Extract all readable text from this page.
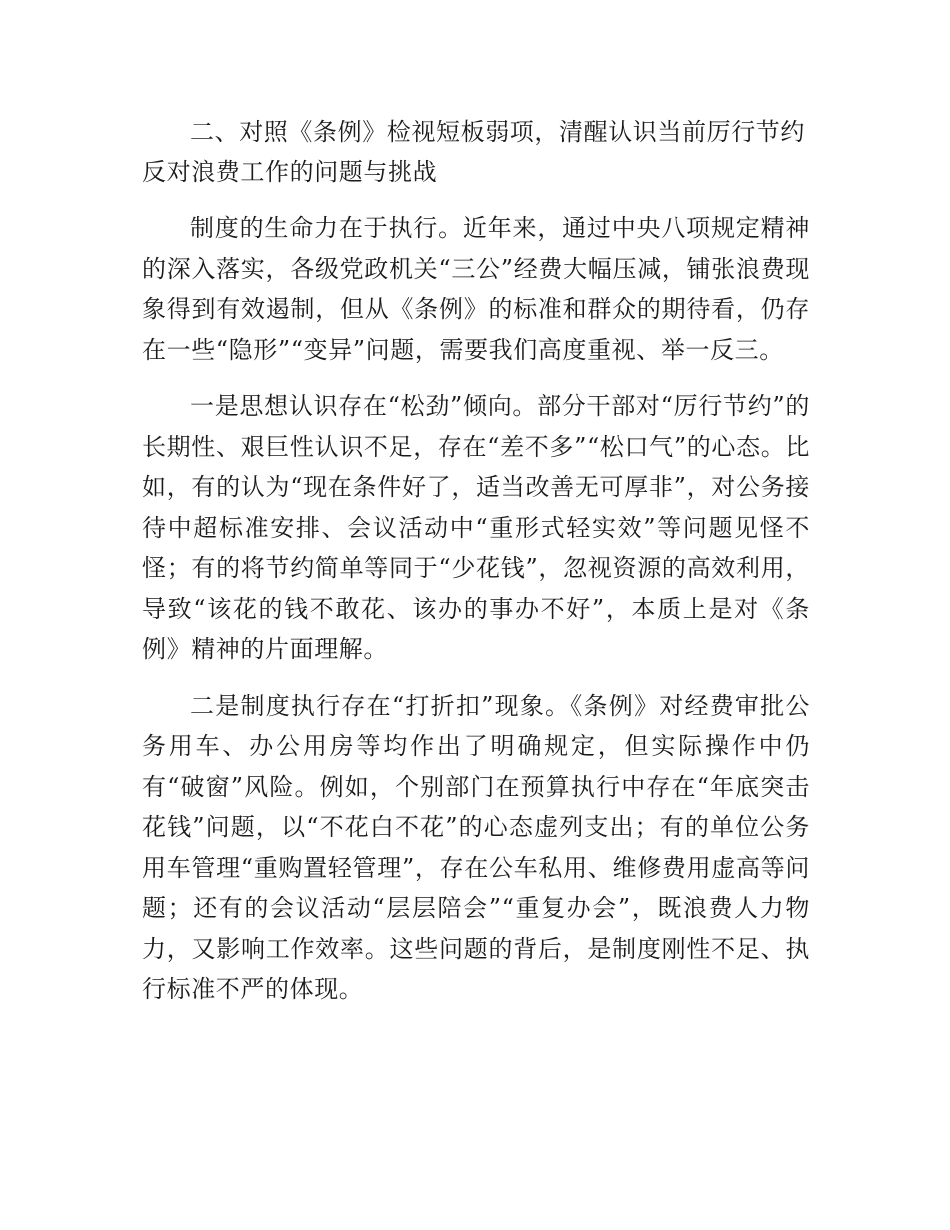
二、对照《条例》检视短板弱项，清醒认识当前厉行节约反对浪费工作的问题与挑战

制度的生命力在于执行。近年来，通过中央八项规定精神的深入落实，各级党政机关“三公”经费大幅压减，铺张浪费现象得到有效遏制，但从《条例》的标准和群众的期待看，仍存在一些“隐形”“变异”问题，需要我们高度重视、举一反三。

一是思想认识存在“松劲”倾向。部分干部对“厉行节约”的长期性、艰巨性认识不足，存在“差不多”“松口气”的心态。比如，有的认为“现在条件好了，适当改善无可厚非”，对公务接待中超标准安排、会议活动中“重形式轻实效”等问题见怪不怪；有的将节约简单等同于“少花钱”，忽视资源的高效利用，导致“该花的钱不敢花、该办的事办不好”，本质上是对《条例》精神的片面理解。

二是制度执行存在“打折扣”现象。《条例》对经费审批公务用车、办公用房等均作出了明确规定，但实际操作中仍有“破窗”风险。例如，个别部门在预算执行中存在“年底突击花钱”问题，以“不花白不花”的心态虚列支出；有的单位公务用车管理“重购置轻管理”，存在公车私用、维修费用虚高等问题；还有的会议活动“层层陪会”“重复办会”，既浪费人力物力，又影响工作效率。这些问题的背后，是制度刚性不足、执行标准不严的体现。
